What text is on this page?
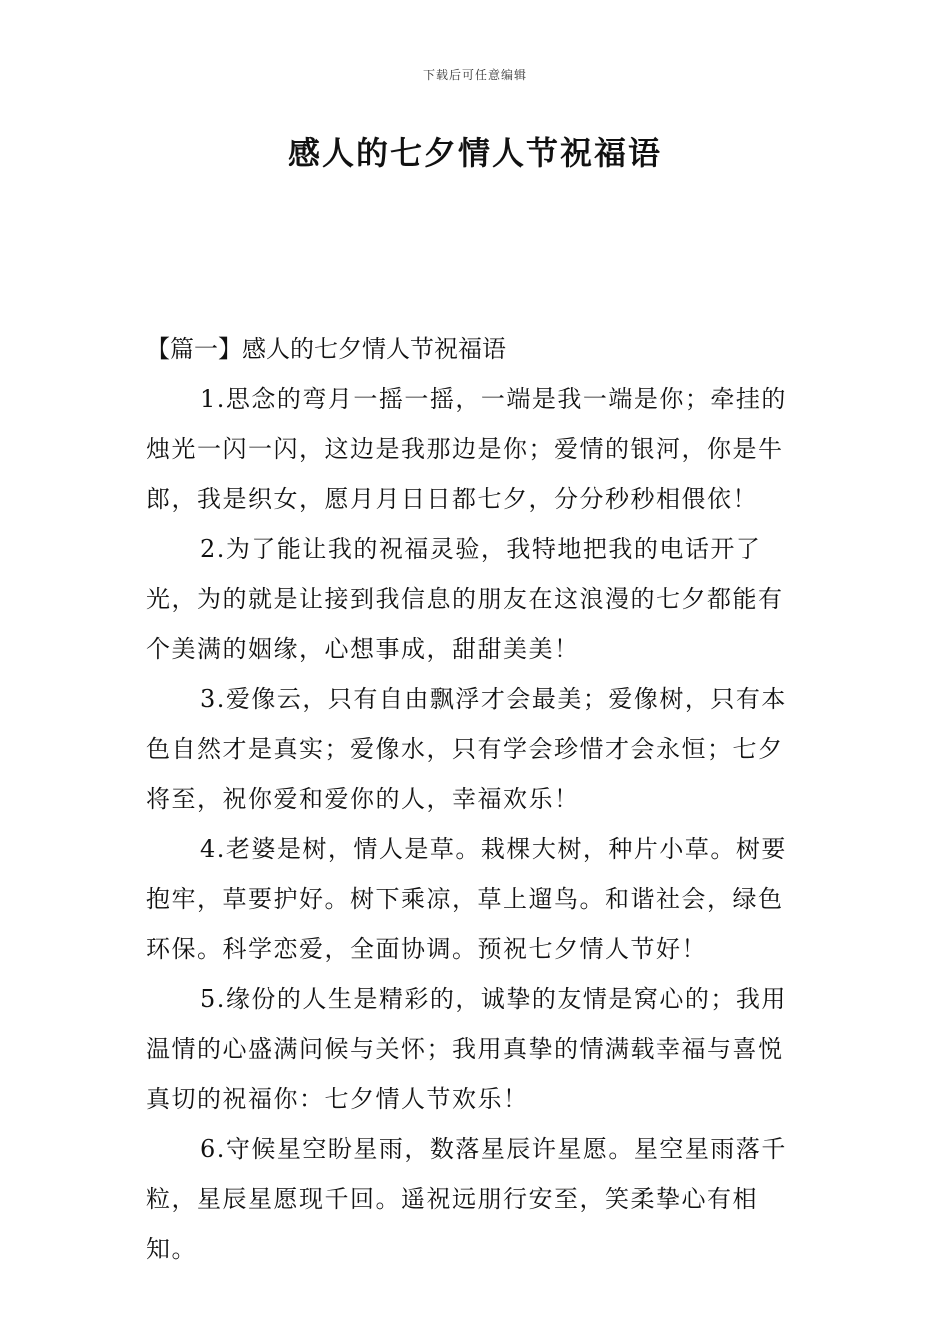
下载后可任意编辑
感人的七夕情人节祝福语

【篇一】感人的七夕情人节祝福语

1.思念的弯月一摇一摇，一端是我一端是你；牵挂的烛光一闪一闪，这边是我那边是你；爱情的银河，你是牛郎，我是织女，愿月月日日都七夕，分分秒秒相偎依！

2.为了能让我的祝福灵验，我特地把我的电话开了光，为的就是让接到我信息的朋友在这浪漫的七夕都能有个美满的姻缘，心想事成，甜甜美美！

3.爱像云，只有自由飘浮才会最美；爱像树，只有本色自然才是真实；爱像水，只有学会珍惜才会永恒；七夕将至，祝你爱和爱你的人，幸福欢乐！

4.老婆是树，情人是草。栽棵大树，种片小草。树要抱牢，草要护好。树下乘凉，草上遛鸟。和谐社会，绿色环保。科学恋爱，全面协调。预祝七夕情人节好！

5.缘份的人生是精彩的，诚挚的友情是窝心的；我用温情的心盛满问候与关怀；我用真挚的情满载幸福与喜悦真切的祝福你：七夕情人节欢乐！

6.守候星空盼星雨，数落星辰许星愿。星空星雨落千粒，星辰星愿现千回。遥祝远朋行安至，笑柔挚心有相知。
